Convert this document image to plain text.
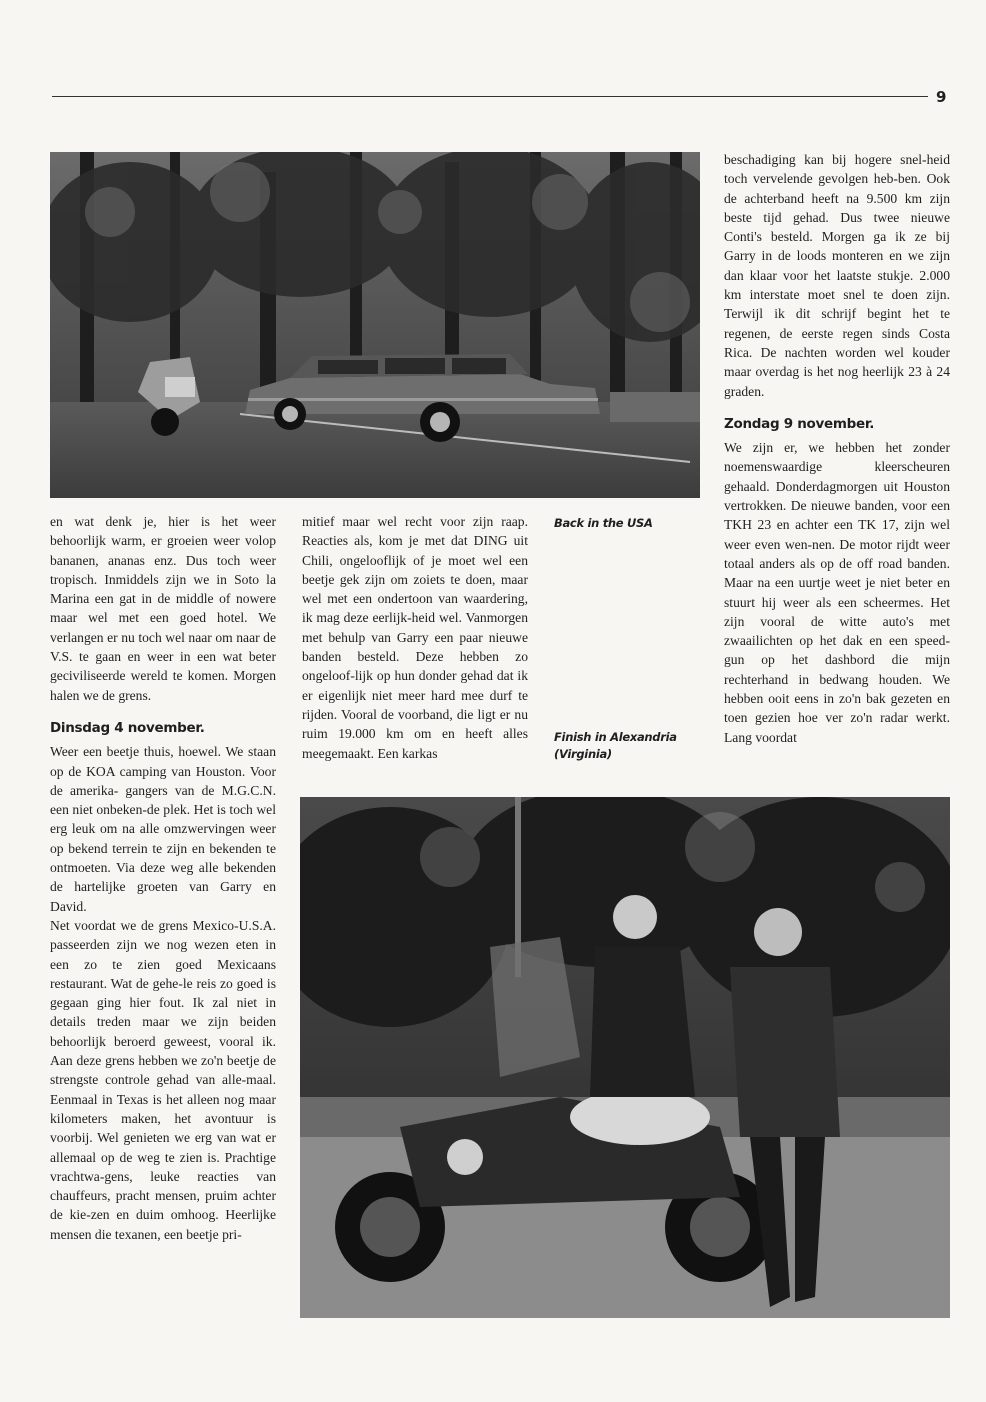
9

en wat denk je, hier is het weer behoorlijk warm, er groeien weer volop bananen, ananas enz. Dus toch weer tropisch. Inmiddels zijn we in Soto la Marina een gat in de middle of nowere maar wel met een goed hotel. We verlangen er nu toch wel naar om naar de V.S. te gaan en weer in een wat beter geciviliseerde wereld te komen. Morgen halen we de grens.

Dinsdag 4 november.

Weer een beetje thuis, hoewel. We staan op de KOA camping van Houston. Voor de amerika- gangers van de M.G.C.N. een niet onbeken-de plek. Het is toch wel erg leuk om na alle omzwervingen weer op bekend terrein te zijn en bekenden te ontmoeten. Via deze weg alle bekenden de hartelijke groeten van Garry en David.

Net voordat we de grens Mexico-U.S.A. passeerden zijn we nog wezen eten in een zo te zien goed Mexicaans restaurant. Wat de gehe-le reis zo goed is gegaan ging hier fout. Ik zal niet in details treden maar we zijn beiden behoorlijk beroerd geweest, vooral ik. Aan deze grens hebben we zo'n beetje de strengste controle gehad van alle-maal. Eenmaal in Texas is het alleen nog maar kilometers maken, het avontuur is voorbij. Wel genieten we erg van wat er allemaal op de weg te zien is. Prachtige vrachtwa-gens, leuke reacties van chauffeurs, pracht mensen, pruim achter de kie-zen en duim omhoog. Heerlijke mensen die texanen, een beetje pri-

mitief maar wel recht voor zijn raap. Reacties als, kom je met dat DING uit Chili, ongelooflijk of je moet wel een beetje gek zijn om zoiets te doen, maar wel met een ondertoon van waardering, ik mag deze eerlijk-heid wel. Vanmorgen met behulp van Garry een paar nieuwe banden besteld. Deze hebben zo ongeloof-lijk op hun donder gehad dat ik er eigenlijk niet meer hard mee durf te rijden. Vooral de voorband, die ligt er nu ruim 19.000 km om en heeft alles meegemaakt. Een karkas

Back in the USA
Finish in Alexandria
(Virginia)

beschadiging kan bij hogere snel-heid toch vervelende gevolgen heb-ben. Ook de achterband heeft na 9.500 km zijn beste tijd gehad. Dus twee nieuwe Conti's besteld. Morgen ga ik ze bij Garry in de loods monteren en we zijn dan klaar voor het laatste stukje. 2.000 km interstate moet snel te doen zijn. Terwijl ik dit schrijf begint het te regenen, de eerste regen sinds Costa Rica. De nachten worden wel kouder maar overdag is het nog heerlijk 23 à 24 graden.

Zondag 9 november.

We zijn er, we hebben het zonder noemenswaardige kleerscheuren gehaald. Donderdagmorgen uit Houston vertrokken. De nieuwe banden, voor een TKH 23 en achter een TK 17, zijn wel weer even wen-nen. De motor rijdt weer totaal anders als op de off road banden. Maar na een uurtje weet je niet beter en stuurt hij weer als een scheermes. Het zijn vooral de witte auto's met zwaailichten op het dak en een speed-gun op het dashbord die mijn rechterhand in bedwang houden. We hebben ooit eens in zo'n bak gezeten en toen gezien hoe ver zo'n radar werkt. Lang voordat
